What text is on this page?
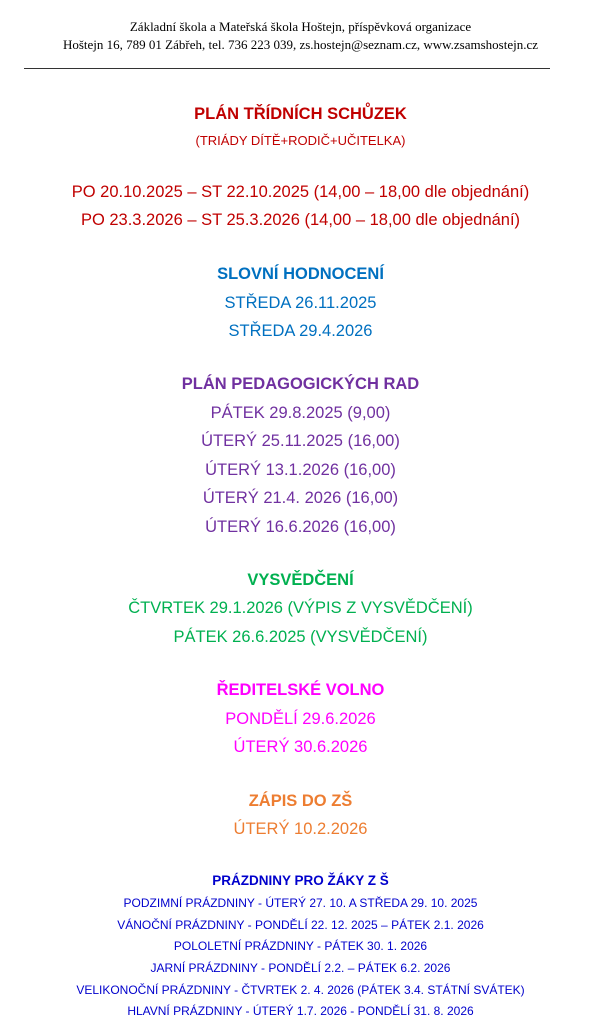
Základní škola a Mateřská škola Hoštejn, příspěvková organizace
Hoštejn 16, 789 01 Zábřeh, tel. 736 223 039, zs.hostejn@seznam.cz, www.zsamshostejn.cz
PLÁN TŘÍDNÍCH SCHŮZEK
(TRIÁDY DÍTĚ+RODIČ+UČITELKA)
PO 20.10.2025 – ST 22.10.2025 (14,00 – 18,00 dle objednání)
PO 23.3.2026 – ST 25.3.2026 (14,00 – 18,00 dle objednání)
SLOVNÍ HODNOCENÍ
STŘEDA 26.11.2025
STŘEDA 29.4.2026
PLÁN PEDAGOGICKÝCH RAD
PÁTEK 29.8.2025 (9,00)
ÚTERÝ 25.11.2025 (16,00)
ÚTERÝ 13.1.2026 (16,00)
ÚTERÝ 21.4. 2026 (16,00)
ÚTERÝ 16.6.2026 (16,00)
VYSVĚDČENÍ
ČTVRTEK 29.1.2026 (VÝPIS Z VYSVĚDČENÍ)
PÁTEK 26.6.2025 (VYSVĚDČENÍ)
ŘEDITELSKÉ VOLNO
PONDĚLÍ 29.6.2026
ÚTERÝ 30.6.2026
ZÁPIS DO ZŠ
ÚTERÝ 10.2.2026
PRÁZDNINY PRO ŽÁKY Z Š
PODZIMNÍ PRÁZDNINY - ÚTERÝ 27. 10. A STŘEDA 29. 10. 2025
VÁNOČNÍ PRÁZDNINY - PONDĚLÍ 22. 12. 2025 – PÁTEK 2.1. 2026
POLOLETNÍ PRÁZDNINY - PÁTEK 30. 1. 2026
JARNÍ PRÁZDNINY - PONDĚLÍ 2.2. – PÁTEK 6.2. 2026
VELIKONOČNÍ PRÁZDNINY - ČTVRTEK 2. 4. 2026 (PÁTEK 3.4. STÁTNÍ SVÁTEK)
HLAVNÍ PRÁZDNINY - ÚTERÝ 1.7. 2026 - PONDĚLÍ 31. 8. 2026
